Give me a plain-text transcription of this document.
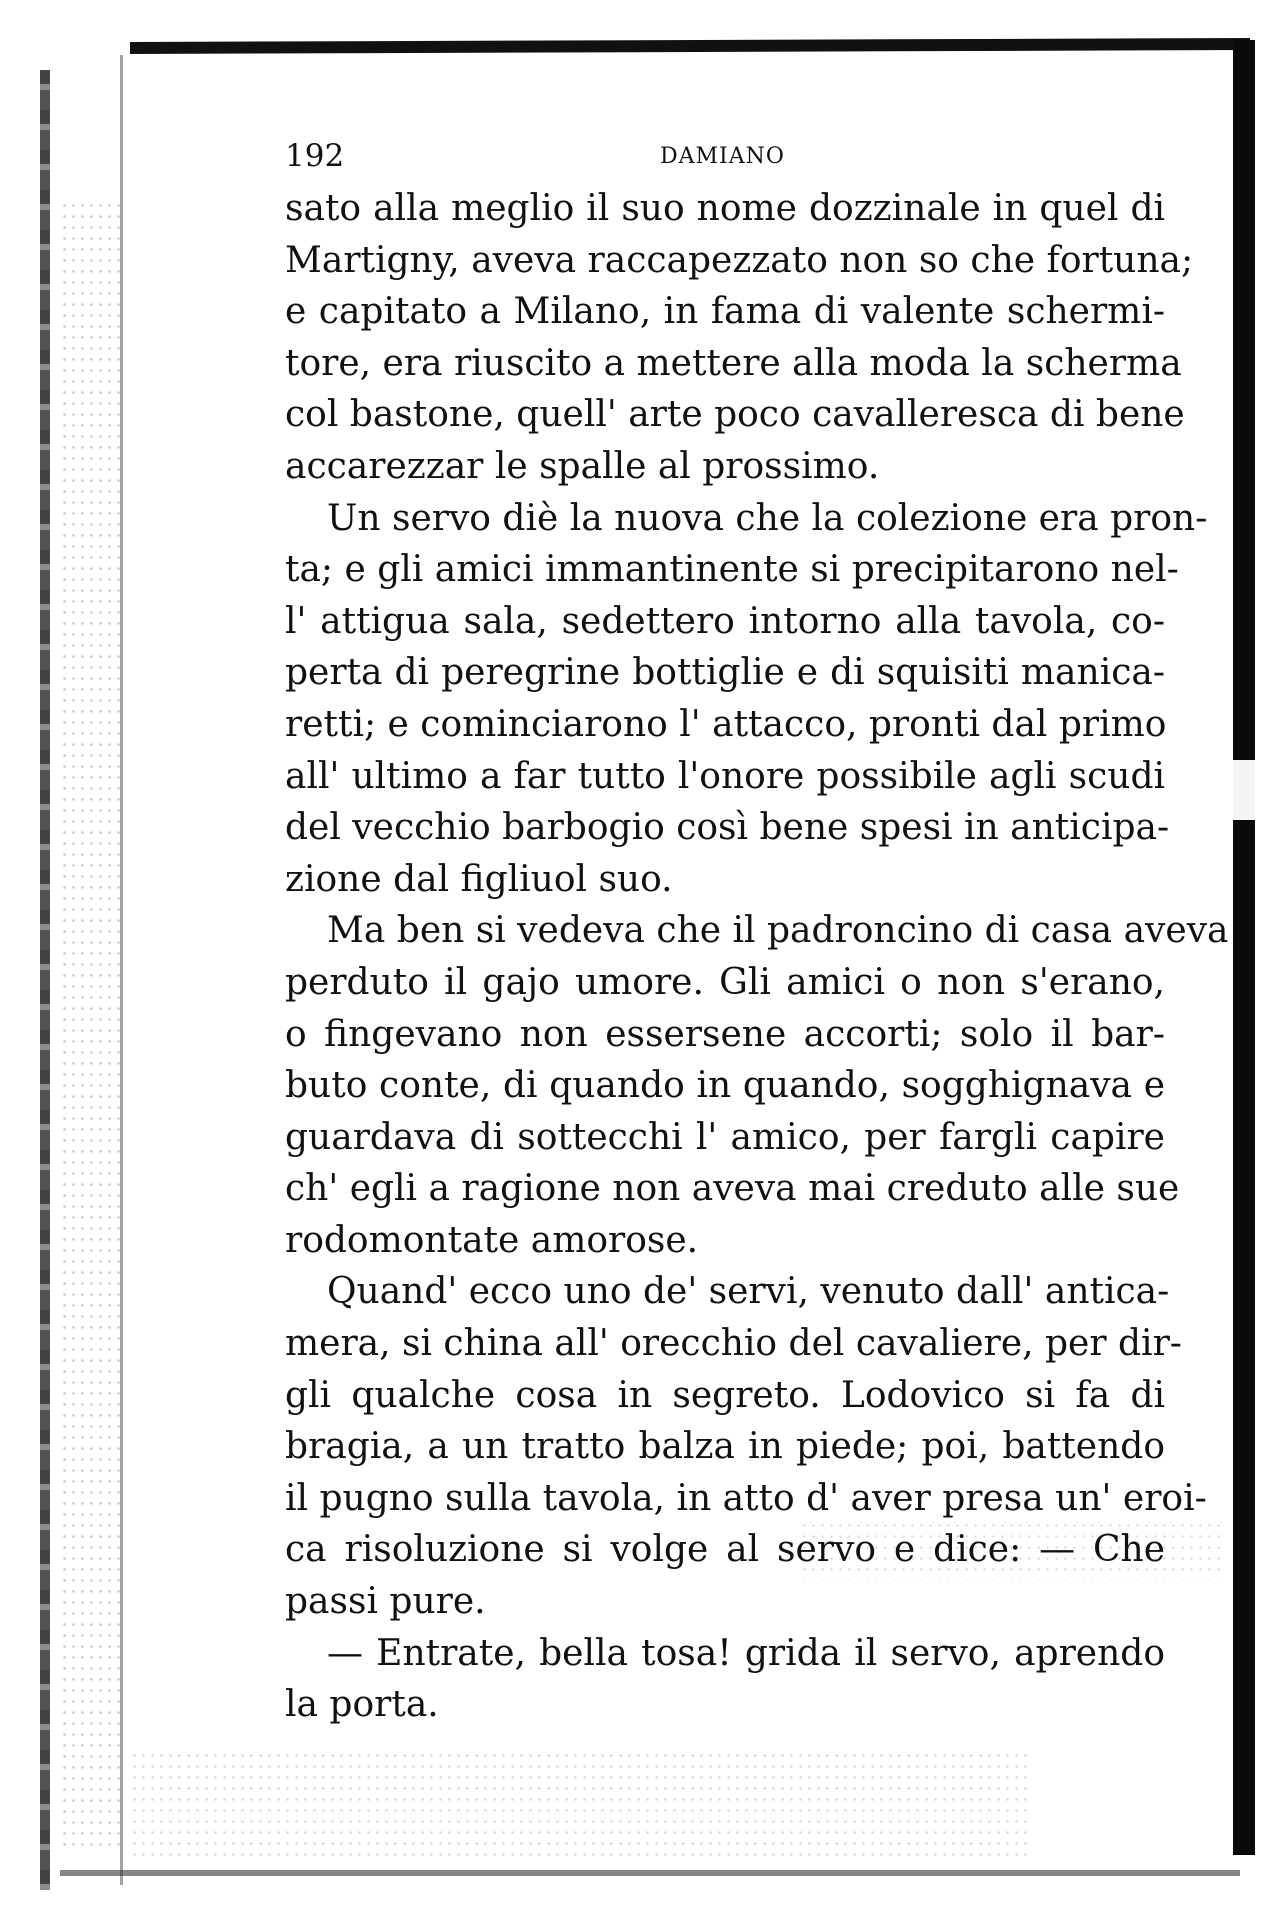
192	DAMIANO
sato alla meglio il suo nome dozzinale in quel di
Martigny, aveva raccapezzato non so che fortuna;
e capitato a Milano, in fama di valente schermi-
tore, era riuscito a mettere alla moda la scherma
col bastone, quell' arte poco cavalleresca di bene
accarezzar le spalle al prossimo.
Un servo diè la nuova che la colezione era pron-
ta; e gli amici immantinente si precipitarono nel-
l' attigua sala, sedettero intorno alla tavola, co-
perta di peregrine bottiglie e di squisiti manica-
retti; e cominciarono l' attacco, pronti dal primo
all' ultimo a far tutto l'onore possibile agli scudi
del vecchio barbogio così bene spesi in anticipa-
zione dal figliuol suo.
Ma ben si vedeva che il padroncino di casa aveva
perduto il gajo umore. Gli amici o non s'erano,
o fingevano non essersene accorti; solo il bar-
buto conte, di quando in quando, sogghignava e
guardava di sottecchi l' amico, per fargli capire
ch' egli a ragione non aveva mai creduto alle sue
rodomontate amorose.
Quand' ecco uno de' servi, venuto dall' antica-
mera, si china all' orecchio del cavaliere, per dir-
gli qualche cosa in segreto. Lodovico si fa di
bragia, a un tratto balza in piede; poi, battendo
il pugno sulla tavola, in atto d' aver presa un' eroi-
ca risoluzione si volge al servo e dice: — Che
passi pure.
— Entrate, bella tosa! grida il servo, aprendo
la porta.
